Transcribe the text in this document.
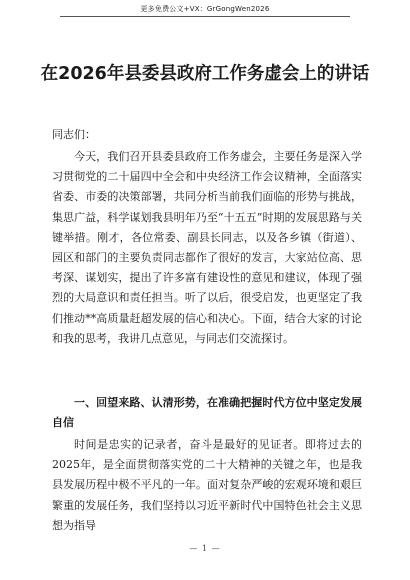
更多免费公文+VX：GrGongWen2026
在2026年县委县政府工作务虚会上的讲话

同志们：

今天，我们召开县委县政府工作务虚会，主要任务是深入学习贯彻党的二十届四中全会和中央经济工作会议精神，全面落实省委、市委的决策部署，共同分析当前我们面临的形势与挑战，集思广益，科学谋划我县明年乃至“十五五”时期的发展思路与关键举措。刚才，各位常委、副县长同志，以及各乡镇（街道）、园区和部门的主要负责同志都作了很好的发言，大家站位高、思考深、谋划实，提出了许多富有建设性的意见和建议，体现了强烈的大局意识和责任担当。听了以后，很受启发，也更坚定了我们推动**高质量赶超发展的信心和决心。下面，结合大家的讨论和我的思考，我讲几点意见，与同志们交流探讨。

一、回望来路、认清形势，在准确把握时代方位中坚定发展自信

时间是忠实的记录者，奋斗是最好的见证者。即将过去的2025年，是全面贯彻落实党的二十大精神的关键之年，也是我县发展历程中极不平凡的一年。面对复杂严峻的宏观环境和艰巨繁重的发展任务，我们坚持以习近平新时代中国特色社会主义思想为指导

— 1 —
